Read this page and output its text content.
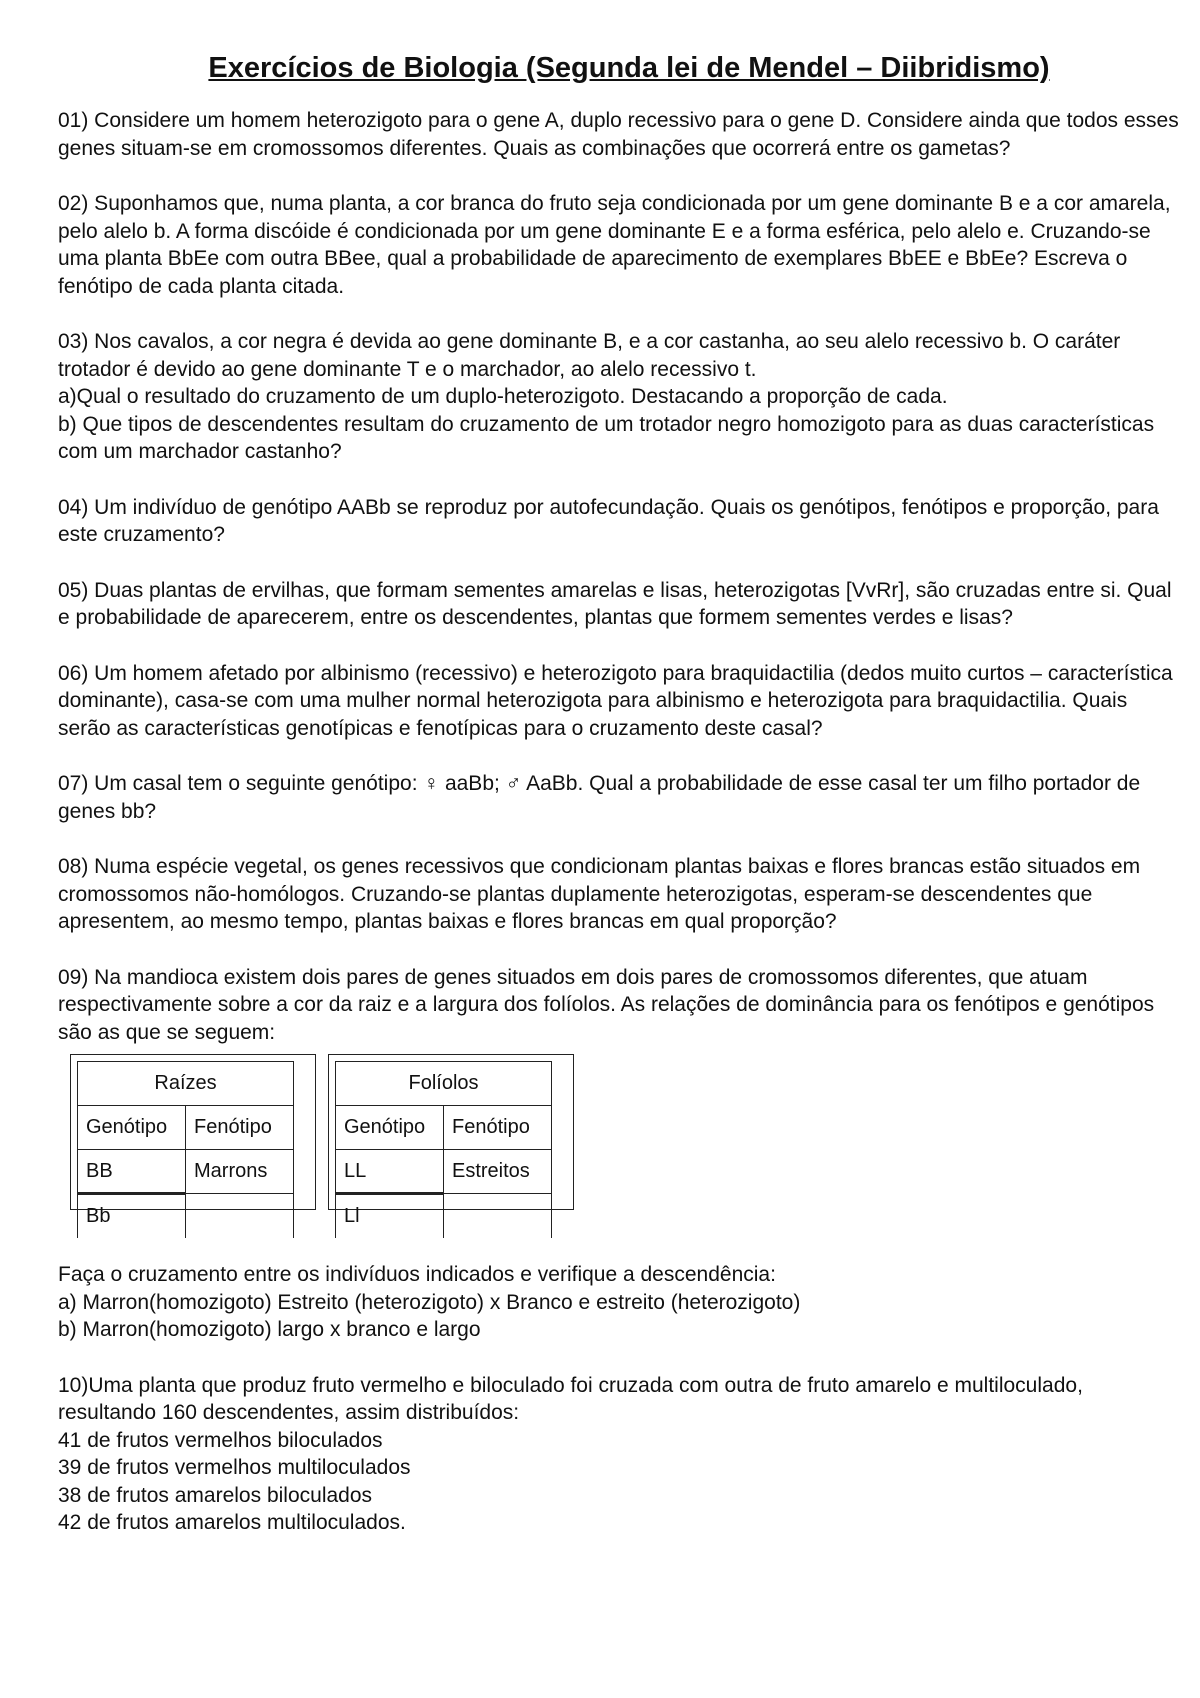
Exercícios de Biologia (Segunda lei de Mendel – Diibridismo)

01) Considere um homem heterozigoto para o gene A, duplo recessivo para o gene D. Considere ainda que todos esses genes situam-se em cromossomos diferentes. Quais as combinações que ocorrerá entre os gametas?

02) Suponhamos que, numa planta, a cor branca do fruto seja condicionada por um gene dominante B e a cor amarela, pelo alelo b. A forma discóide é condicionada por um gene dominante E e a forma esférica, pelo alelo e. Cruzando-se uma planta BbEe com outra BBee, qual a probabilidade de aparecimento de exemplares BbEE e BbEe? Escreva o fenótipo de cada planta citada.

03) Nos cavalos, a cor negra é devida ao gene dominante B, e a cor castanha, ao seu alelo recessivo b. O caráter trotador é devido ao gene dominante T e o marchador, ao alelo recessivo t.

a)Qual o resultado do cruzamento de um duplo-heterozigoto. Destacando a proporção de cada.

b) Que tipos de descendentes resultam do cruzamento de um trotador negro homozigoto para as duas características com um marchador castanho?

04) Um indivíduo de genótipo AABb se reproduz por autofecundação. Quais os genótipos, fenótipos e proporção, para este cruzamento?

05) Duas plantas de ervilhas, que formam sementes amarelas e lisas, heterozigotas [VvRr], são cruzadas entre si. Qual e probabilidade de aparecerem, entre os descendentes, plantas que formem sementes verdes e lisas?

06) Um homem afetado por albinismo (recessivo) e heterozigoto para braquidactilia (dedos muito curtos – característica dominante), casa-se com uma mulher normal heterozigota para albinismo e heterozigota para braquidactilia. Quais serão as características genotípicas e fenotípicas para o cruzamento deste casal?

07) Um casal tem o seguinte genótipo: ♀ aaBb; ♂ AaBb. Qual a probabilidade de esse casal ter um filho portador de genes bb?

08) Numa espécie vegetal, os genes recessivos que condicionam plantas baixas e flores brancas estão situados em cromossomos não-homólogos. Cruzando-se plantas duplamente heterozigotas, esperam-se descendentes que apresentem, ao mesmo tempo, plantas baixas e flores brancas em qual proporção?

09) Na mandioca existem dois pares de genes situados em dois pares de cromossomos diferentes, que atuam respectivamente sobre a cor da raiz e a largura dos folíolos. As relações de dominância para os fenótipos e genótipos são as que se seguem:

Raízes	
Genótipo	Fenótipo
BB	Marrons
Bb	
Folíolos	
Genótipo	Fenótipo
LL	Estreitos
Ll	

Faça o cruzamento entre os indivíduos indicados e verifique a descendência:

a) Marron(homozigoto) Estreito (heterozigoto) x Branco e estreito (heterozigoto)

b) Marron(homozigoto) largo x branco e largo

10)Uma planta que produz fruto vermelho e biloculado foi cruzada com outra de fruto amarelo e multiloculado, resultando 160 descendentes, assim distribuídos:

41 de frutos vermelhos biloculados

39 de frutos vermelhos multiloculados

38 de frutos amarelos biloculados

42 de frutos amarelos multiloculados.
